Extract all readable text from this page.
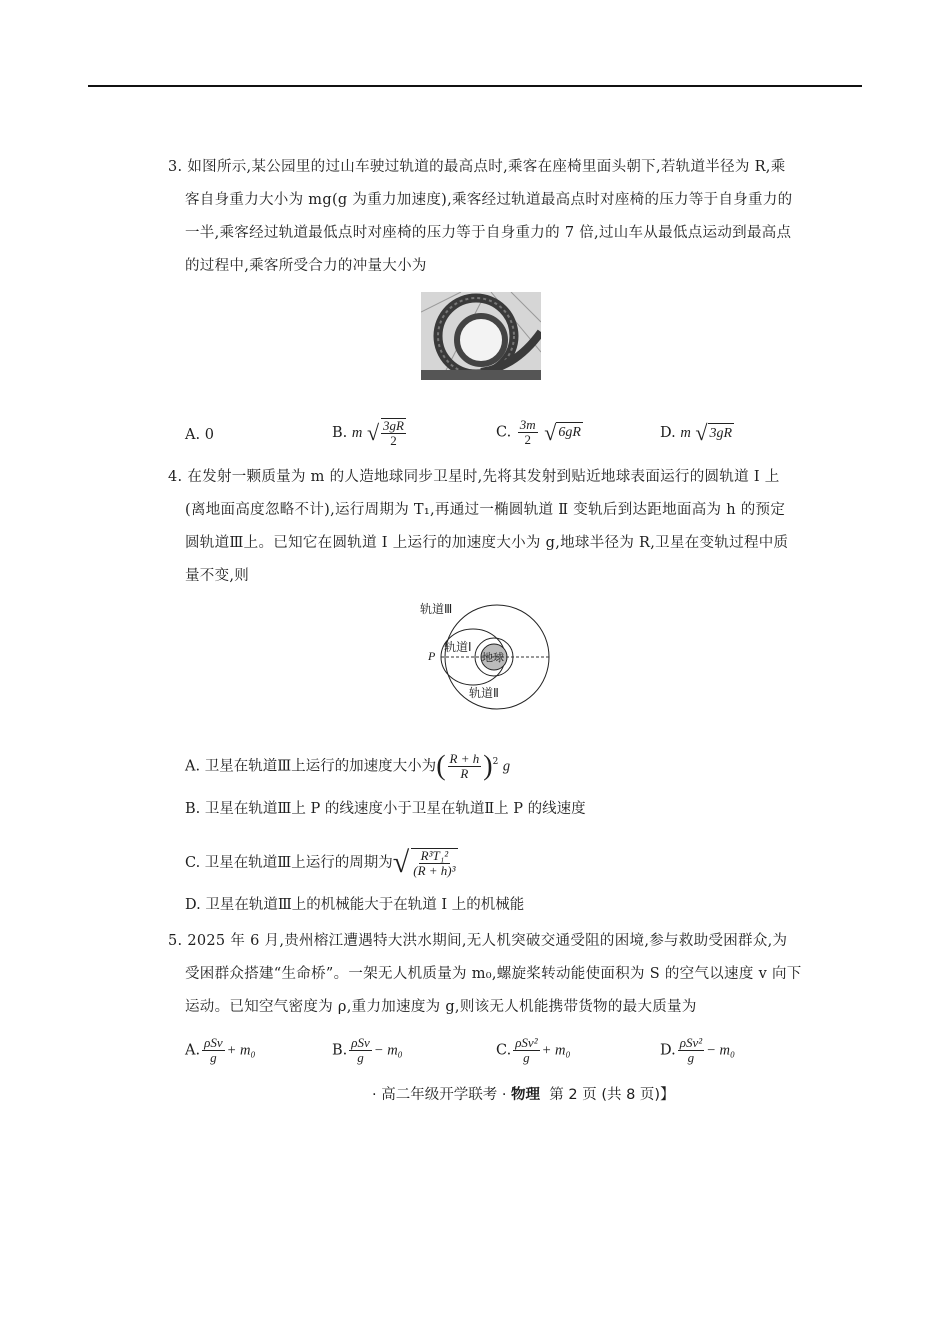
3. 如图所示,某公园里的过山车驶过轨道的最高点时,乘客在座椅里面头朝下,若轨道半径为 R,乘
客自身重力大小为 mg(g 为重力加速度),乘客经过轨道最高点时对座椅的压力等于自身重力的
一半,乘客经过轨道最低点时对座椅的压力等于自身重力的 7 倍,过山车从最低点运动到最高点
的过程中,乘客所受合力的冲量大小为
A. 0	B. m √ $\frac{3gR}{2}$	C. $\frac{3m}{2}$
√ 6gR	D. m √ 3gR
4. 在发射一颗质量为 m 的人造地球同步卫星时,先将其发射到贴近地球表面运行的圆轨道 Ⅰ 上
(离地面高度忽略不计),运行周期为 T₁,再通过一椭圆轨道 Ⅱ 变轨后到达距地面高为 h 的预定
圆轨道Ⅲ上。已知它在圆轨道 Ⅰ 上运行的加速度大小为 g,地球半径为 R,卫星在变轨过程中质
量不变,则
轨道Ⅲ
轨道Ⅰ
地球
P
轨道Ⅱ
A. 卫星在轨道Ⅲ上运行的加速度大小为( $\frac{R + h}{R} )^2$ g
B. 卫星在轨道Ⅲ上 P 的线速度小于卫星在轨道Ⅱ上 P 的线速度
C. 卫星在轨道Ⅲ上运行的周期为 √ $\frac{\text{R³T₁²}}{\text{(R + h)³}}$
D. 卫星在轨道Ⅲ上的机械能大于在轨道 Ⅰ 上的机械能
5. 2025 年 6 月,贵州榕江遭遇特大洪水期间,无人机突破交通受阻的困境,参与救助受困群众,为
受困群众搭建“生命桥”。一架无人机质量为 m₀,螺旋桨转动能使面积为 S 的空气以速度 v 向下
运动。已知空气密度为 ρ,重力加速度为 g,则该无人机能携带货物的最大质量为
A. $\frac{\text{ρSv}}{g} + m_0$	B. $\frac{\text{ρSv}}{g} - m_0$	C. $\frac{\text{ρSv²}}{g} + m_0$	D. $\frac{\text{ρSv²}}{g} - m_0$
· 高二年级开学联考 · 物理  第 2 页 (共 8 页)】
